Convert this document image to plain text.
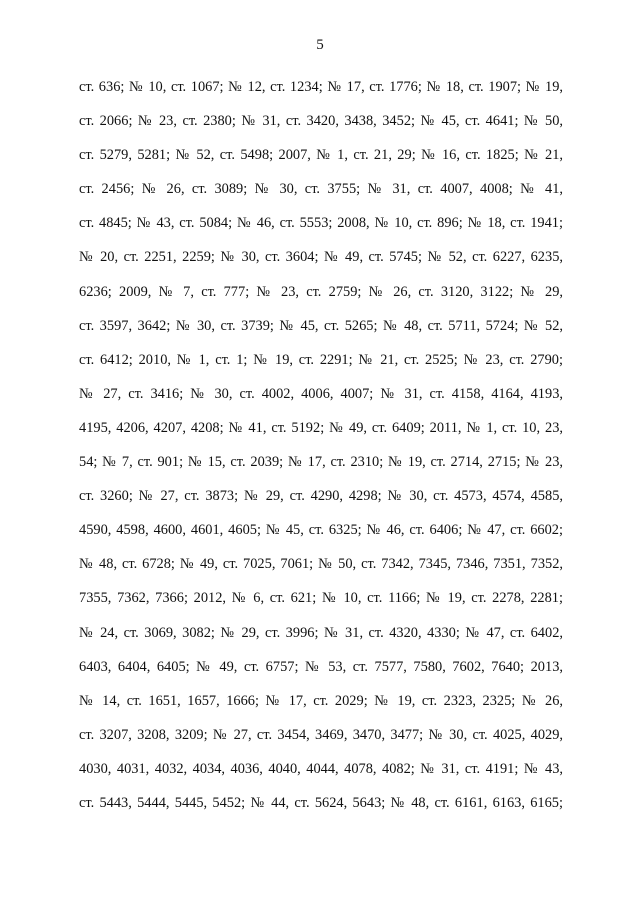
5
ст. 636; № 10, ст. 1067; № 12, ст. 1234; № 17, ст. 1776; № 18, ст. 1907; № 19,
ст. 2066; № 23, ст. 2380; № 31, ст. 3420, 3438, 3452; № 45, ст. 4641; № 50,
ст. 5279, 5281; № 52, ст. 5498; 2007, № 1, ст. 21, 29; № 16, ст. 1825; № 21,
ст. 2456; № 26, ст. 3089; № 30, ст. 3755; № 31, ст. 4007, 4008; № 41,
ст. 4845; № 43, ст. 5084; № 46, ст. 5553; 2008, № 10, ст. 896; № 18, ст. 1941;
№ 20, ст. 2251, 2259; № 30, ст. 3604; № 49, ст. 5745; № 52, ст. 6227, 6235,
6236; 2009, № 7, ст. 777; № 23, ст. 2759; № 26, ст. 3120, 3122; № 29,
ст. 3597, 3642; № 30, ст. 3739; № 45, ст. 5265; № 48, ст. 5711, 5724; № 52,
ст. 6412; 2010, № 1, ст. 1; № 19, ст. 2291; № 21, ст. 2525; № 23, ст. 2790;
№ 27, ст. 3416; № 30, ст. 4002, 4006, 4007; № 31, ст. 4158, 4164, 4193,
4195, 4206, 4207, 4208; № 41, ст. 5192; № 49, ст. 6409; 2011, № 1, ст. 10, 23,
54; № 7, ст. 901; № 15, ст. 2039; № 17, ст. 2310; № 19, ст. 2714, 2715; № 23,
ст. 3260; № 27, ст. 3873; № 29, ст. 4290, 4298; № 30, ст. 4573, 4574, 4585,
4590, 4598, 4600, 4601, 4605; № 45, ст. 6325; № 46, ст. 6406; № 47, ст. 6602;
№ 48, ст. 6728; № 49, ст. 7025, 7061; № 50, ст. 7342, 7345, 7346, 7351, 7352,
7355, 7362, 7366; 2012, № 6, ст. 621; № 10, ст. 1166; № 19, ст. 2278, 2281;
№ 24, ст. 3069, 3082; № 29, ст. 3996; № 31, ст. 4320, 4330; № 47, ст. 6402,
6403, 6404, 6405; № 49, ст. 6757; № 53, ст. 7577, 7580, 7602, 7640; 2013,
№ 14, ст. 1651, 1657, 1666; № 17, ст. 2029; № 19, ст. 2323, 2325; № 26,
ст. 3207, 3208, 3209; № 27, ст. 3454, 3469, 3470, 3477; № 30, ст. 4025, 4029,
4030, 4031, 4032, 4034, 4036, 4040, 4044, 4078, 4082; № 31, ст. 4191; № 43,
ст. 5443, 5444, 5445, 5452; № 44, ст. 5624, 5643; № 48, ст. 6161, 6163, 6165;
